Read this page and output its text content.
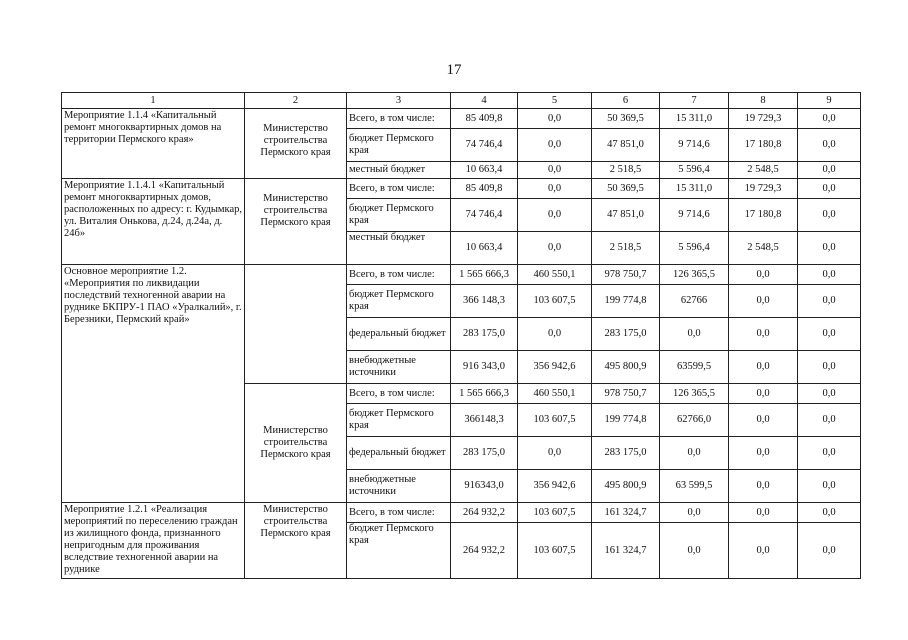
17
1	2	3	4	5	6	7	8	9
Мероприятие 1.1.4 «Капитальный ремонт многоквартирных домов на территории Пермского края»	Министерство строительства Пермского края	Всего, в том числе:	85 409,8	0,0	50 369,5	15 311,0	19 729,3	0,0
		бюджет Пермского края	74 746,4	0,0	47 851,0	9 714,6	17 180,8	0,0
		местный бюджет	10 663,4	0,0	2 518,5	5 596,4	2 548,5	0,0
Мероприятие 1.1.4.1 «Капитальный ремонт многоквартирных домов, расположенных по адресу: г. Кудымкар, ул. Виталия Онькова, д.24, д.24а, д. 24б»	Министерство строительства Пермского края	Всего, в том числе:	85 409,8	0,0	50 369,5	15 311,0	19 729,3	0,0
		бюджет Пермского края	74 746,4	0,0	47 851,0	9 714,6	17 180,8	0,0
		местный бюджет	10 663,4	0,0	2 518,5	5 596,4	2 548,5	0,0
Основное мероприятие 1.2. «Мероприятия по ликвидации последствий техногенной аварии на руднике БКПРУ-1 ПАО «Уралкалий», г. Березники, Пермский край»		Всего, в том числе:	1 565 666,3	460 550,1	978 750,7	126 365,5	0,0	0,0
		бюджет Пермского края	366 148,3	103 607,5	199 774,8	62766	0,0	0,0
		федеральный бюджет	283 175,0	0,0	283 175,0	0,0	0,0	0,0
		внебюджетные источники	916 343,0	356 942,6	495 800,9	63599,5	0,0	0,0
	Министерство строительства Пермского края	Всего, в том числе:	1 565 666,3	460 550,1	978 750,7	126 365,5	0,0	0,0
		бюджет Пермского края	366148,3	103 607,5	199 774,8	62766,0	0,0	0,0
		федеральный бюджет	283 175,0	0,0	283 175,0	0,0	0,0	0,0
		внебюджетные источники	916343,0	356 942,6	495 800,9	63 599,5	0,0	0,0
Мероприятие 1.2.1 «Реализация мероприятий по переселению граждан из жилищного фонда, признанного непригодным для проживания вследствие техногенной аварии на руднике	Министерство строительства Пермского края	Всего, в том числе:	264 932,2	103 607,5	161 324,7	0,0	0,0	0,0
		бюджет Пермского края	264 932,2	103 607,5	161 324,7	0,0	0,0	0,0
